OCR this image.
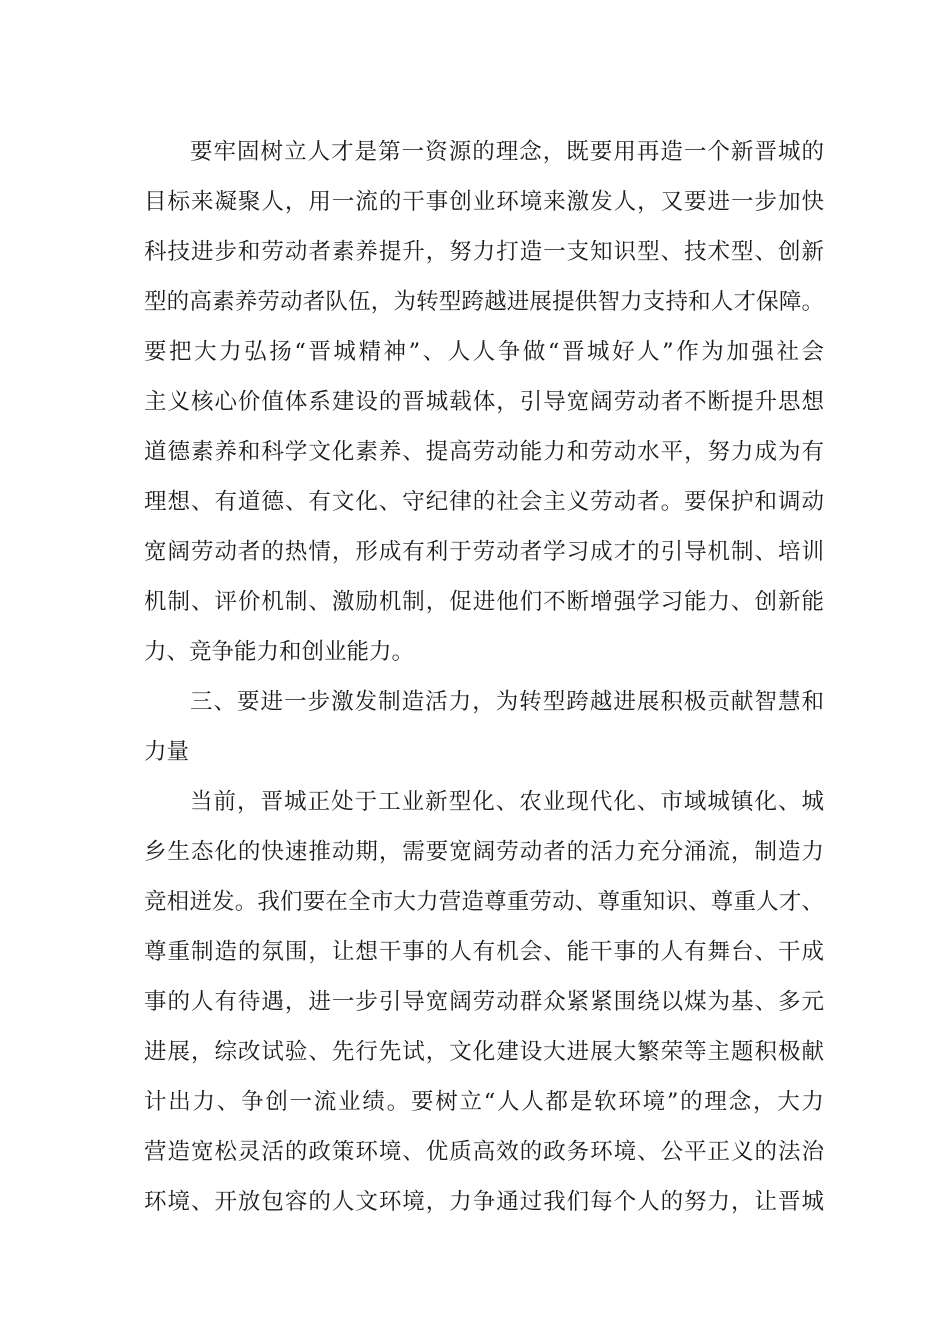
要牢固树立人才是第一资源的理念，既要用再造一个新晋城的
目标来凝聚人，用一流的干事创业环境来激发人，又要进一步加快
科技进步和劳动者素养提升，努力打造一支知识型、技术型、创新
型的高素养劳动者队伍，为转型跨越进展提供智力支持和人才保障。
要把大力弘扬“晋城精神”、人人争做“晋城好人”作为加强社会
主义核心价值体系建设的晋城载体，引导宽阔劳动者不断提升思想
道德素养和科学文化素养、提高劳动能力和劳动水平，努力成为有
理想、有道德、有文化、守纪律的社会主义劳动者。要保护和调动
宽阔劳动者的热情，形成有利于劳动者学习成才的引导机制、培训
机制、评价机制、激励机制，促进他们不断增强学习能力、创新能
力、竞争能力和创业能力。
三、要进一步激发制造活力，为转型跨越进展积极贡献智慧和
力量
当前，晋城正处于工业新型化、农业现代化、市域城镇化、城
乡生态化的快速推动期，需要宽阔劳动者的活力充分涌流，制造力
竞相迸发。我们要在全市大力营造尊重劳动、尊重知识、尊重人才、
尊重制造的氛围，让想干事的人有机会、能干事的人有舞台、干成
事的人有待遇，进一步引导宽阔劳动群众紧紧围绕以煤为基、多元
进展，综改试验、先行先试，文化建设大进展大繁荣等主题积极献
计出力、争创一流业绩。要树立“人人都是软环境”的理念，大力
营造宽松灵活的政策环境、优质高效的政务环境、公平正义的法治
环境、开放包容的人文环境，力争通过我们每个人的努力，让晋城
